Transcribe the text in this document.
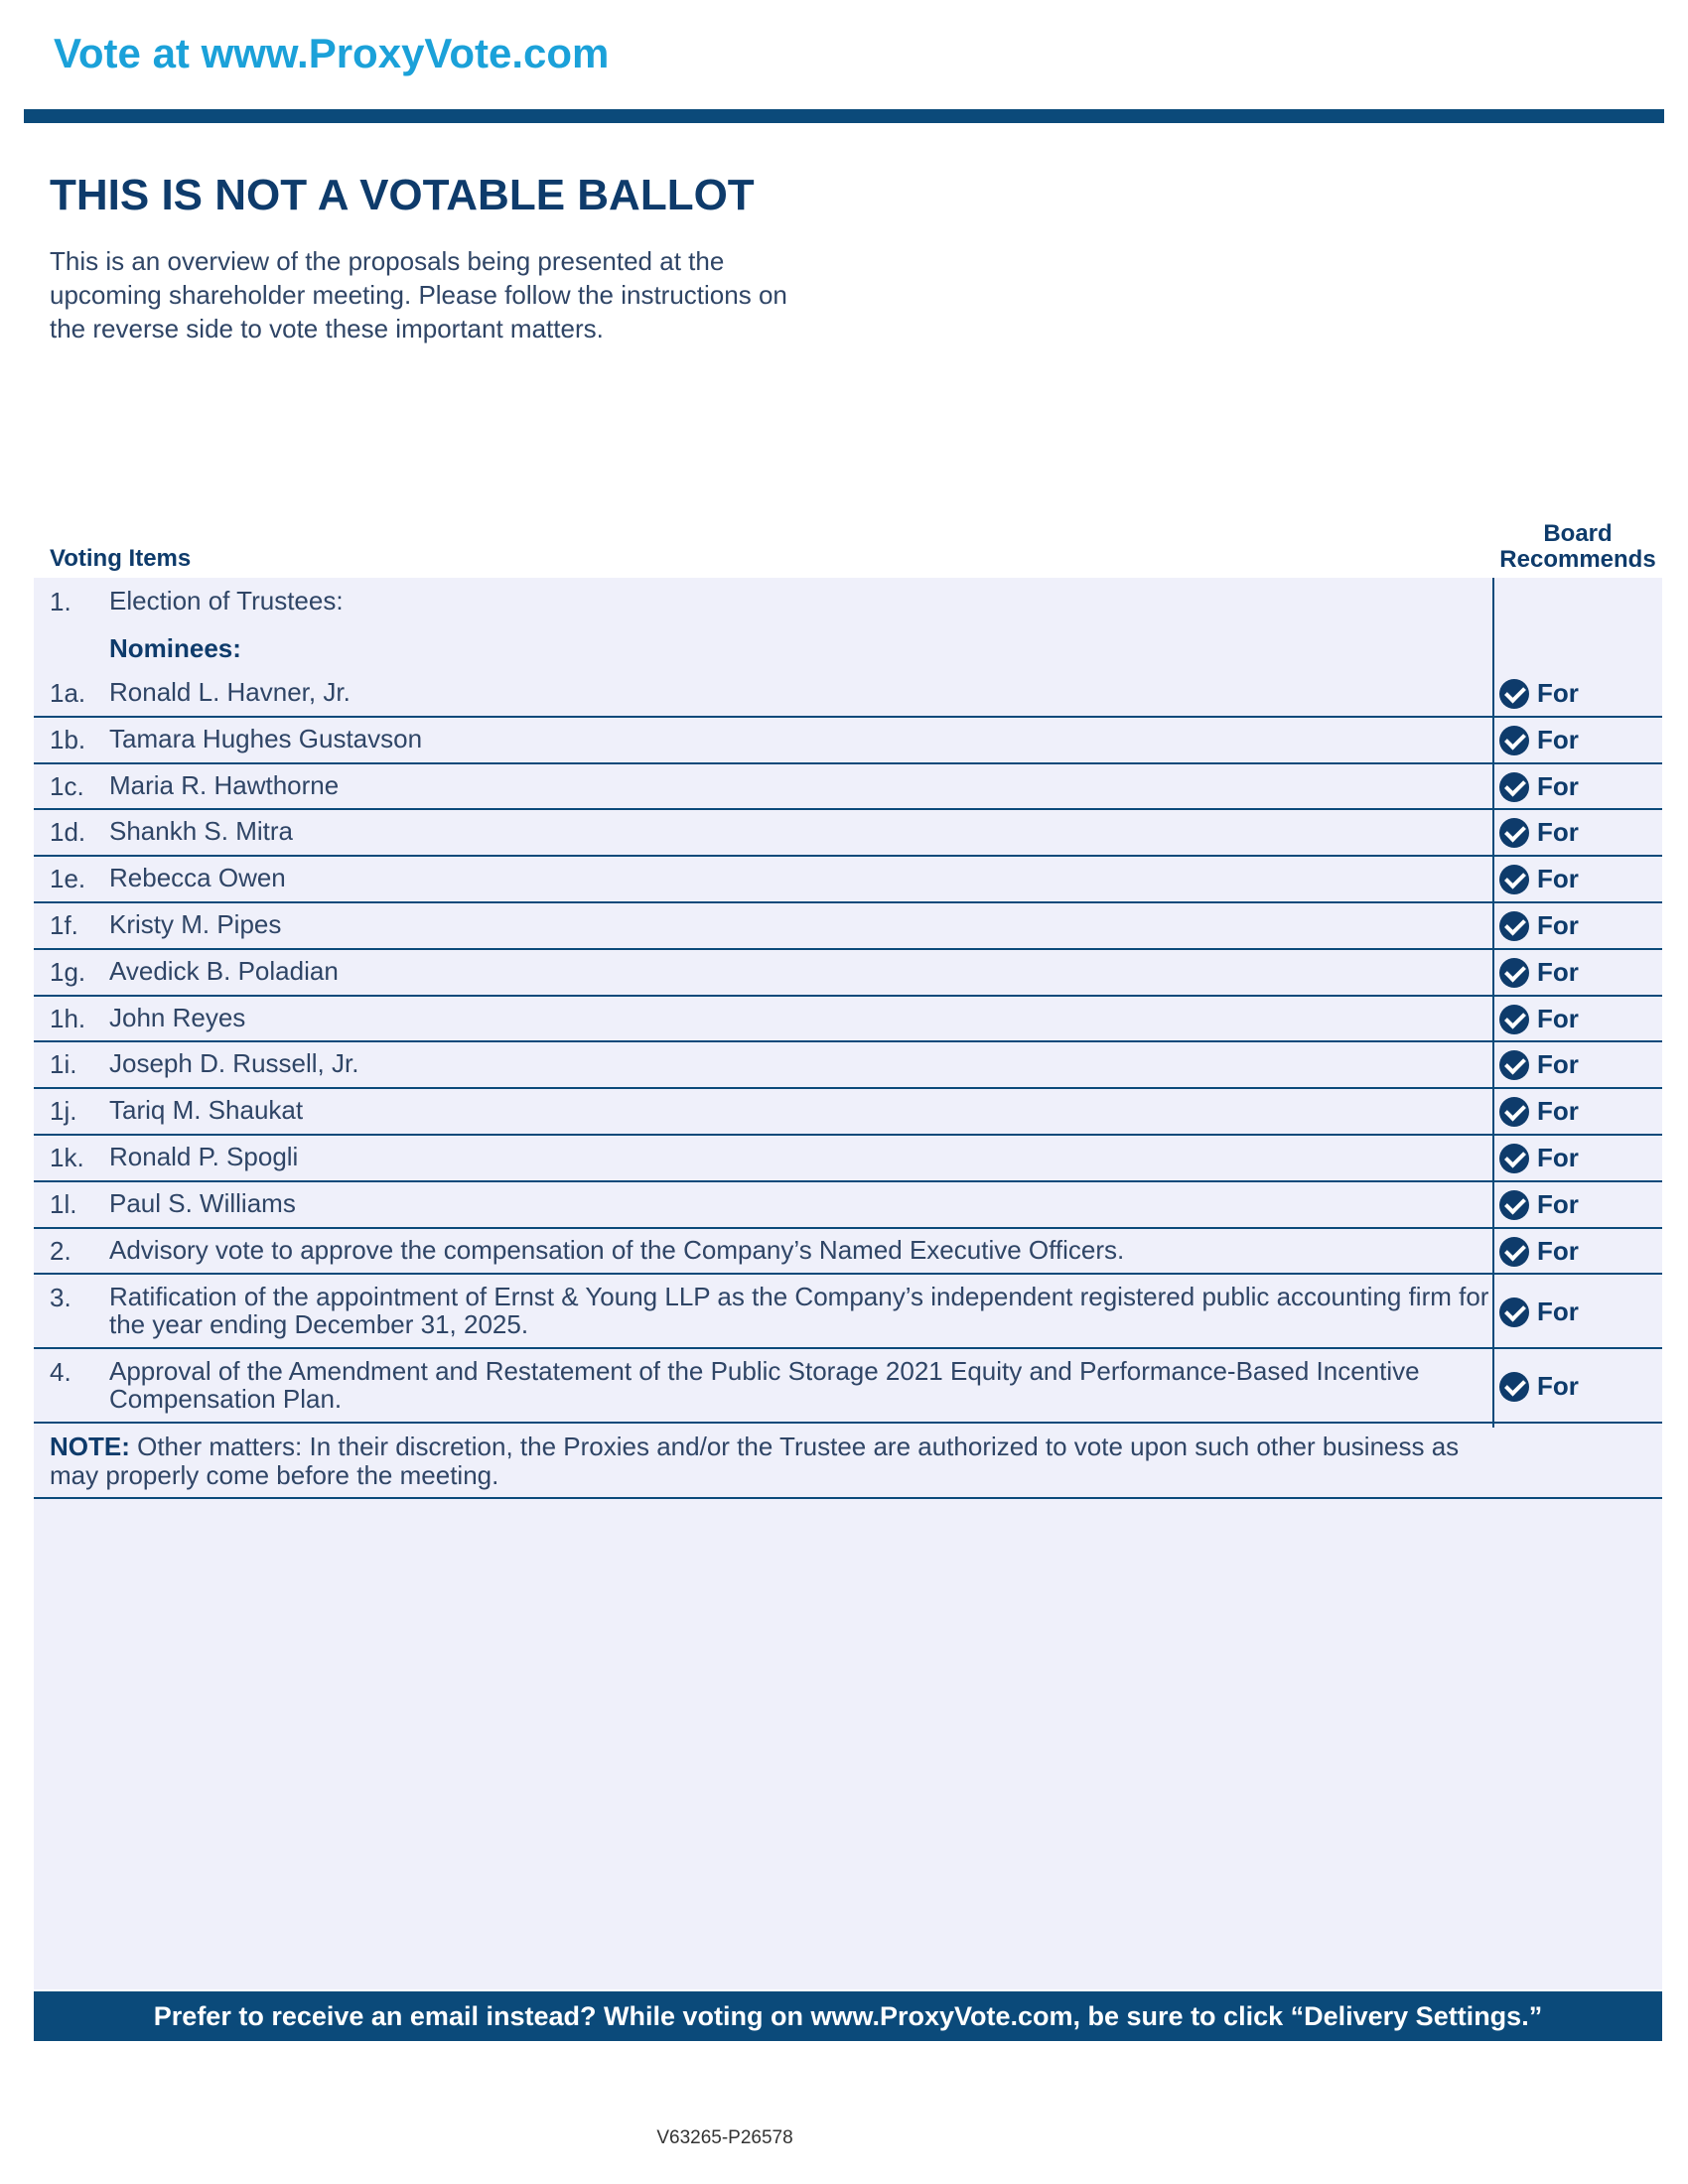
Vote at www.ProxyVote.com
THIS IS NOT A VOTABLE BALLOT
This is an overview of the proposals being presented at the
upcoming shareholder meeting. Please follow the instructions on
the reverse side to vote these important matters.
Voting Items
Board
Recommends
1. Election of Trustees:
Nominees:
1a. Ronald L. Havner, Jr.	For
1b. Tamara Hughes Gustavson	For
1c. Maria R. Hawthorne	For
1d. Shankh S. Mitra	For
1e. Rebecca Owen	For
1f. Kristy M. Pipes	For
1g. Avedick B. Poladian	For
1h. John Reyes	For
1i. Joseph D. Russell, Jr.	For
1j. Tariq M. Shaukat	For
1k. Ronald P. Spogli	For
1l. Paul S. Williams	For
2. Advisory vote to approve the compensation of the Company’s Named Executive Officers.	For
3. Ratification of the appointment of Ernst & Young LLP as the Company’s independent registered public accounting firm for the year ending December 31, 2025.	For
4. Approval of the Amendment and Restatement of the Public Storage 2021 Equity and Performance-Based Incentive Compensation Plan.	For
NOTE: Other matters: In their discretion, the Proxies and/or the Trustee are authorized to vote upon such other business as may properly come before the meeting.
Prefer to receive an email instead? While voting on www.ProxyVote.com, be sure to click “Delivery Settings.”
V63265-P26578
